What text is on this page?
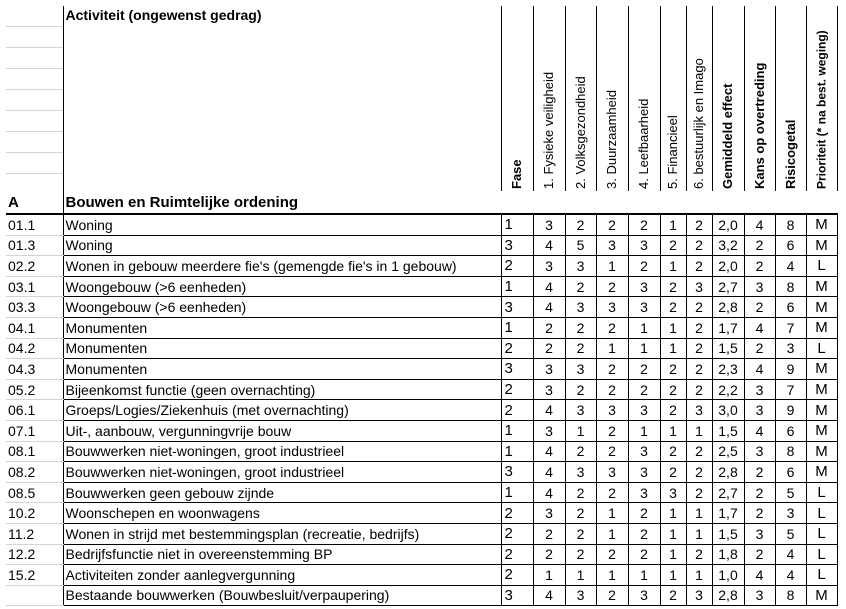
	Activiteit (ongewenst gedrag)	Fase	1. Fysieke veiligheid	2. Volksgezondheid	3. Duurzaamheid	4. Leefbaarheid	5. Financieel	6. bestuurlijk en Imago	Gemiddeld effect	Kans op overtreding	Risicogetal	Prioriteit (* na best. weging)

A	Bouwen en Ruimtelijke ordening											
01.1	Woning	1	3	2	2	2	1	2	2,0	4	8	M
01.3	Woning	3	4	5	3	3	2	2	3,2	2	6	M
02.2	Wonen in gebouw meerdere fie's (gemengde fie's in 1 gebouw)	2	3	3	1	2	1	2	2,0	2	4	L
03.1	Woongebouw (>6 eenheden)	1	4	2	2	3	2	3	2,7	3	8	M
03.3	Woongebouw (>6 eenheden)	3	4	3	3	3	2	2	2,8	2	6	M
04.1	Monumenten	1	2	2	2	1	1	2	1,7	4	7	M
04.2	Monumenten	2	2	2	1	1	1	2	1,5	2	3	L
04.3	Monumenten	3	3	3	2	2	2	2	2,3	4	9	M
05.2	Bijeenkomst functie (geen overnachting)	2	3	2	2	2	2	2	2,2	3	7	M
06.1	Groeps/Logies/Ziekenhuis (met overnachting)	2	4	3	3	3	2	3	3,0	3	9	M
07.1	Uit-, aanbouw, vergunningvrije bouw	1	3	1	2	1	1	1	1,5	4	6	M
08.1	Bouwwerken niet-woningen, groot industrieel	1	4	2	2	3	2	2	2,5	3	8	M
08.2	Bouwwerken niet-woningen, groot industrieel	3	4	3	3	3	2	2	2,8	2	6	M
08.5	Bouwwerken geen gebouw zijnde	1	4	2	2	3	3	2	2,7	2	5	L
10.2	Woonschepen en woonwagens	2	3	2	1	2	1	1	1,7	2	3	L
11.2	Wonen in strijd met bestemmingsplan (recreatie, bedrijfs)	2	2	2	1	2	1	1	1,5	3	5	L
12.2	Bedrijfsfunctie niet in overeenstemming BP	2	2	2	2	2	1	2	1,8	2	4	L
15.2	Activiteiten zonder aanlegvergunning	2	1	1	1	1	1	1	1,0	4	4	L
	Bestaande bouwwerken (Bouwbesluit/verpaupering)	3	4	3	2	3	2	3	2,8	3	8	M
